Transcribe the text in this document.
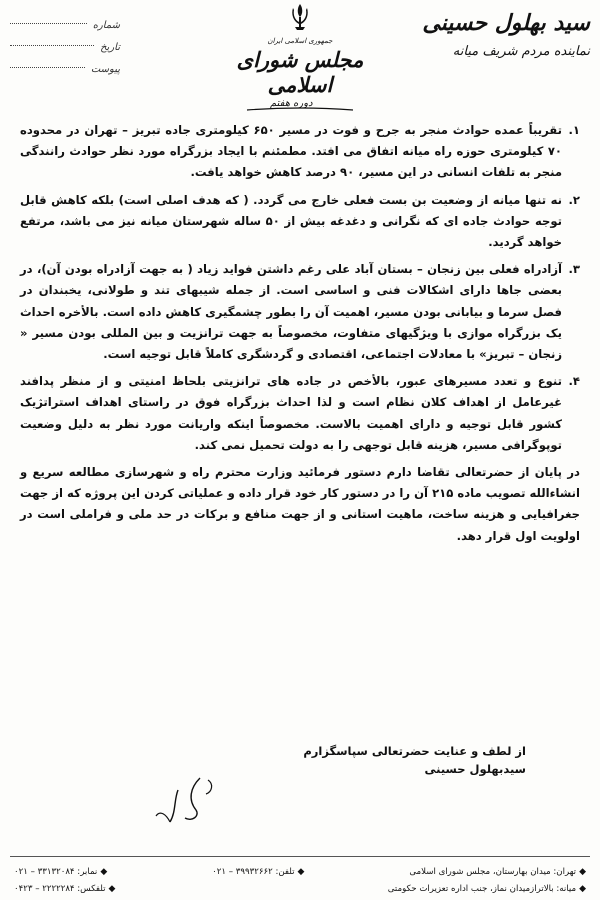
شماره
تاریخ
پیوست
جمهوری اسلامی ایران
مجلس شورای اسلامی
دوره هفتم
سید بهلول حسینی
نماینده مردم شریف میانه
۱.
تقریباً عمده حوادث منجر به جرح و فوت در مسیر ۶۵۰ کیلومتری جاده تبریز – تهران در محدوده ۷۰ کیلومتری حوزه راه میانه اتفاق می افتد. مطمئنم با ایجاد بزرگراه مورد نظر حوادث رانندگی منجر به تلفات انسانی در این مسیر، ۹۰ درصد کاهش خواهد یافت.
۲.
نه تنها میانه از وضعیت بن بست فعلی خارج می گردد. ( که هدف اصلی است) بلکه کاهش قابل توجه حوادث جاده ای که نگرانی و دغدغه بیش از ۵۰ ساله شهرستان میانه نیز می باشد، مرتفع خواهد گردید.
۳.
آزادراه فعلی بین زنجان – بستان آباد علی رغم داشتن فواید زیاد ( به جهت آزادراه بودن آن)، در بعضی جاها دارای اشکالات فنی و اساسی است. از جمله شیبهای تند و طولانی، یخبندان در فصل سرما و بیابانی بودن مسیر، اهمیت آن را بطور چشمگیری کاهش داده است. بالأخره احداث یک بزرگراه موازی با ویژگیهای متفاوت، مخصوصاً به جهت ترانزیت و بین المللی بودن مسیر « زنجان – تبریز» با معادلات اجتماعی، اقتصادی و گردشگری کاملاً قابل توجیه است.
۴.
تنوع و تعدد مسیرهای عبور، بالأخص در جاده های ترانزیتی بلحاظ امنیتی و از منظر پدافند غیرعامل از اهداف کلان نظام است و لذا احداث بزرگراه فوق در راستای اهداف استراتژیک کشور قابل توجیه و دارای اهمیت بالاست. مخصوصاً اینکه واریانت مورد نظر به دلیل وضعیت توپوگرافی مسیر، هزینه قابل توجهی را به دولت تحمیل نمی کند.
در پایان از حضرتعالی تقاضا دارم دستور فرمائید وزارت محترم راه و شهرسازی مطالعه سریع و انشاءالله تصویب ماده ۲۱۵ آن را در دستور کار خود قرار داده و عملیاتی کردن این پروژه که از جهت جغرافیایی و هزینه ساخت، ماهیت استانی و از جهت منافع و برکات در حد ملی و فراملی است در اولویت اول قرار دهد.
از لطف و عنایت حضرتعالی سپاسگزارم
سیدبهلول حسینی
◆تهران: میدان بهارستان، مجلس شورای اسلامی
◆تلفن: ۳۹۹۳۲۶۶۲ – ۰۲۱
◆نمابر: ۳۳۱۳۲۰۸۴ – ۰۲۱
◆میانه: بالاترازمیدان نماز، جنب اداره تعزیرات حکومتی
◆تلفکس: ۲۲۲۲۲۸۴ – ۰۴۲۳
